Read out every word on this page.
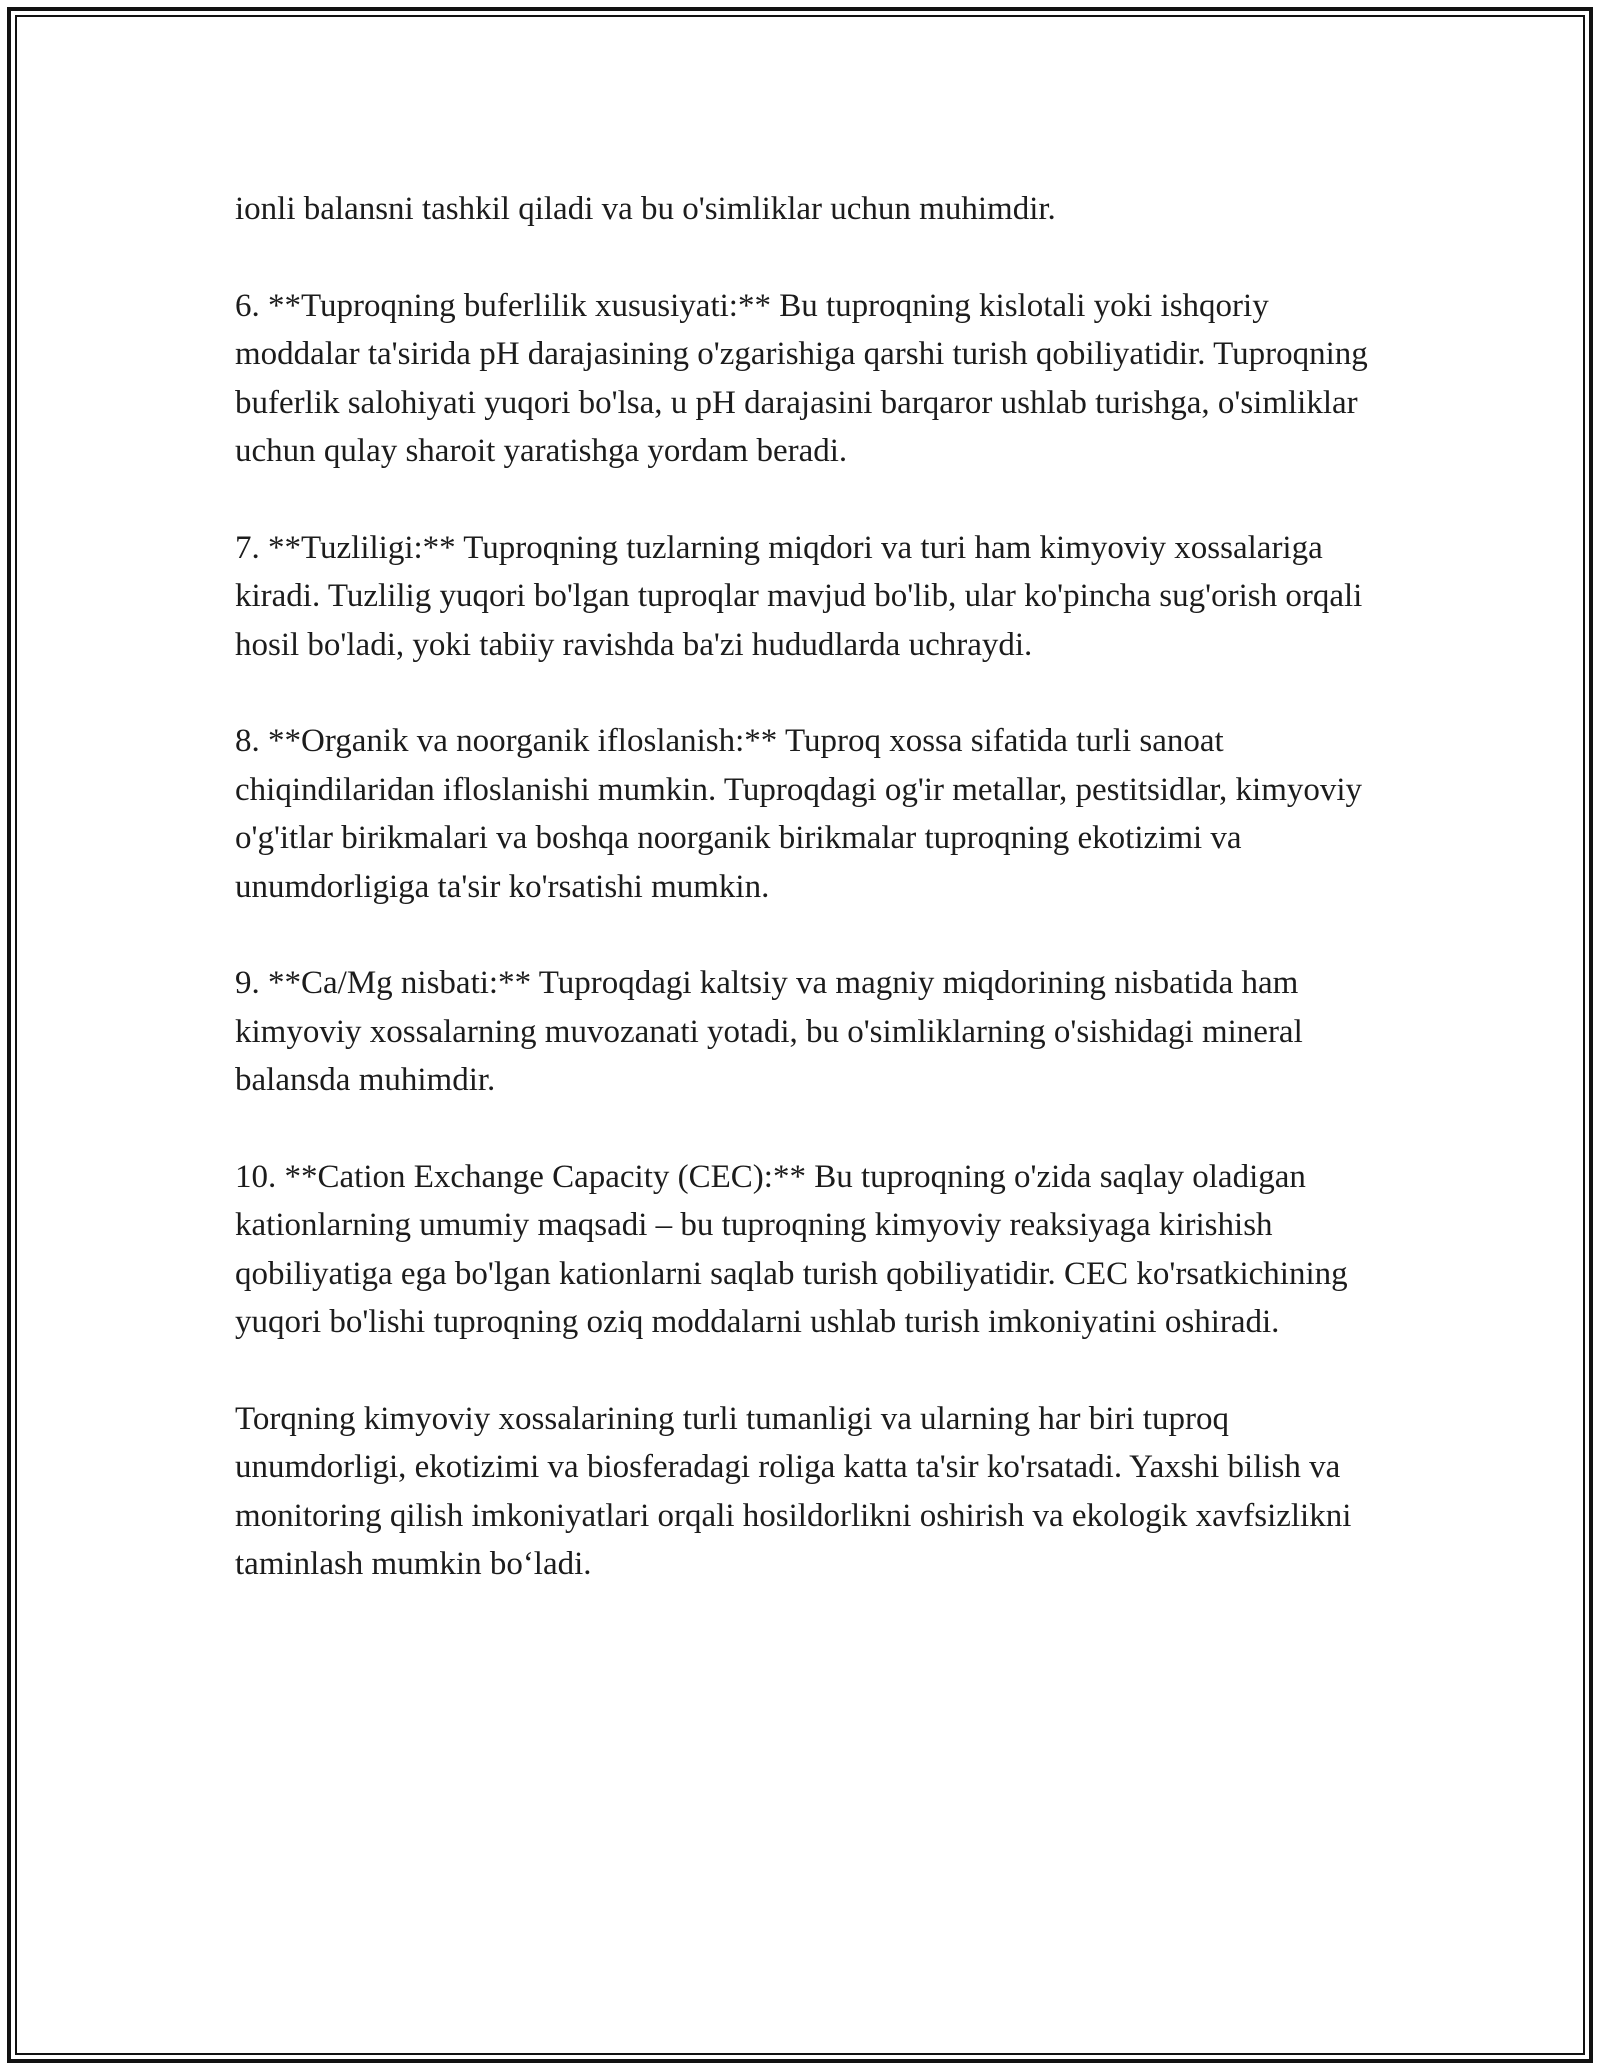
ionli balansni tashkil qiladi va bu o'simliklar uchun muhimdir.

6. **Tuproqning buferlilik xususiyati:** Bu tuproqning kislotali yoki ishqoriy moddalar ta'sirida pH darajasining o'zgarishiga qarshi turish qobiliyatidir. Tuproqning buferlik salohiyati yuqori bo'lsa, u pH darajasini barqaror ushlab turishga, o'simliklar uchun qulay sharoit yaratishga yordam beradi.

7. **Tuzliligi:** Tuproqning tuzlarning miqdori va turi ham kimyoviy xossalariga kiradi. Tuzlilig yuqori bo'lgan tuproqlar mavjud bo'lib, ular ko'pincha sug'orish orqali hosil bo'ladi, yoki tabiiy ravishda ba'zi hududlarda uchraydi.

8. **Organik va noorganik ifloslanish:** Tuproq xossa sifatida turli sanoat chiqindilaridan ifloslanishi mumkin. Tuproqdagi og'ir metallar, pestitsidlar, kimyoviy o'g'itlar birikmalari va boshqa noorganik birikmalar tuproqning ekotizimi va unumdorligiga ta'sir ko'rsatishi mumkin.

9. **Ca/Mg nisbati:** Tuproqdagi kaltsiy va magniy miqdorining nisbatida ham kimyoviy xossalarning muvozanati yotadi, bu o'simliklarning o'sishidagi mineral balansda muhimdir.

10. **Cation Exchange Capacity (CEC):** Bu tuproqning o'zida saqlay oladigan kationlarning umumiy maqsadi – bu tuproqning kimyoviy reaksiyaga kirishish qobiliyatiga ega bo'lgan kationlarni saqlab turish qobiliyatidir. CEC ko'rsatkichining yuqori bo'lishi tuproqning oziq moddalarni ushlab turish imkoniyatini oshiradi.

Torqning kimyoviy xossalarining turli tumanligi va ularning har biri tuproq unumdorligi, ekotizimi va biosferadagi roliga katta ta'sir ko'rsatadi. Yaxshi bilish va monitoring qilish imkoniyatlari orqali hosildorlikni oshirish va ekologik xavfsizlikni taminlash mumkin bo‘ladi.
